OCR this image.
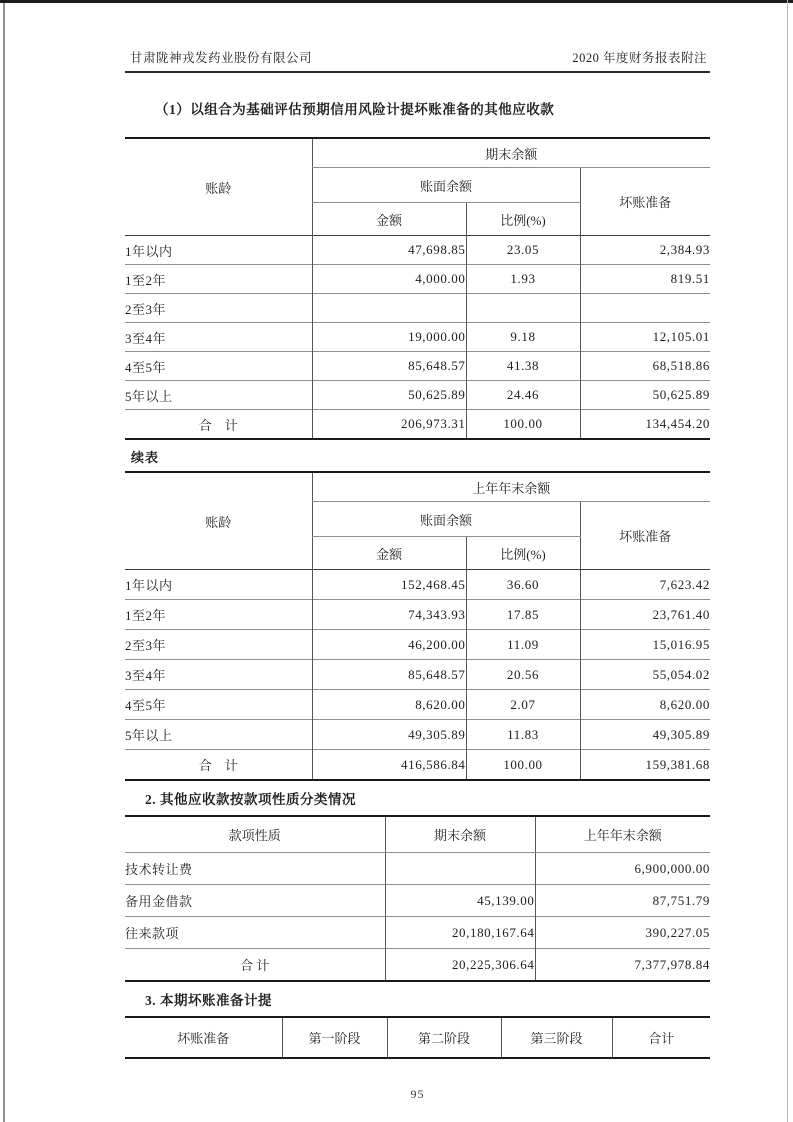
甘肃陇神戎发药业股份有限公司	2020 年度财务报表附注
（1）以组合为基础评估预期信用风险计提坏账准备的其他应收款
账龄	期末余额		
	账面余额		坏账准备
	金额	比例(%)	
1年以内	47,698.85	23.05	2,384.93
1至2年	4,000.00	1.93	819.51
2至3年			
3至4年	19,000.00	9.18	12,105.01
4至5年	85,648.57	41.38	68,518.86
5年以上	50,625.89	24.46	50,625.89
合　计	206,973.31	100.00	134,454.20
续表
账龄	上年年末余额		
	账面余额		坏账准备
	金额	比例(%)	
1年以内	152,468.45	36.60	7,623.42
1至2年	74,343.93	17.85	23,761.40
2至3年	46,200.00	11.09	15,016.95
3至4年	85,648.57	20.56	55,054.02
4至5年	8,620.00	2.07	8,620.00
5年以上	49,305.89	11.83	49,305.89
合　计	416,586.84	100.00	159,381.68
2. 其他应收款按款项性质分类情况
款项性质	期末余额	上年年末余额
技术转让费		6,900,000.00
备用金借款	45,139.00	87,751.79
往来款项	20,180,167.64	390,227.05
合 计	20,225,306.64	7,377,978.84
3. 本期坏账准备计提
坏账准备	第一阶段	第二阶段	第三阶段	合计
95
